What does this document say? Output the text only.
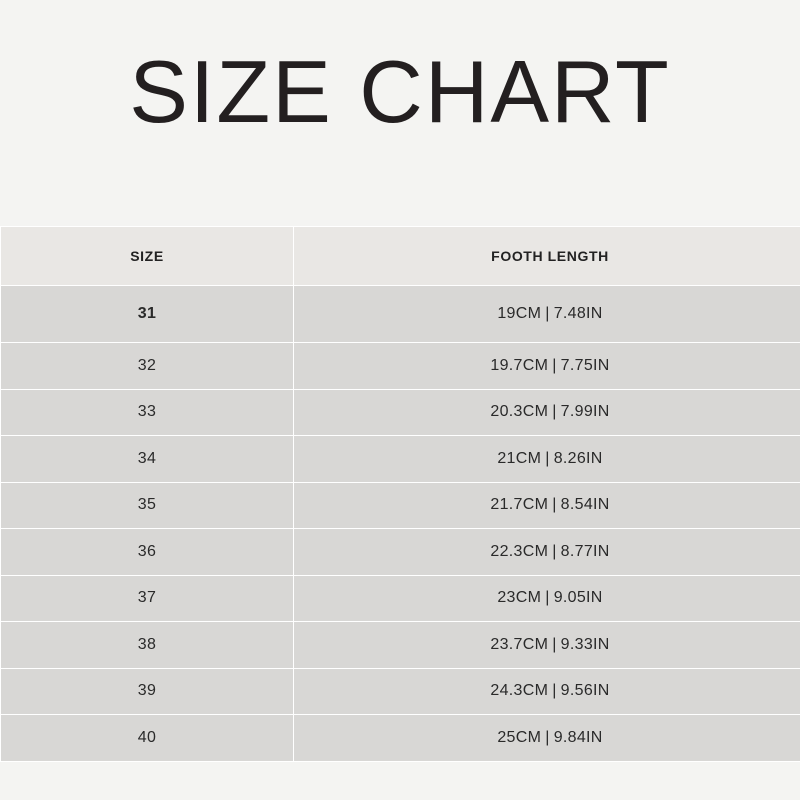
SIZE CHART
SIZE	FOOTH LENGTH
31	19CM | 7.48IN
32	19.7CM | 7.75IN
33	20.3CM | 7.99IN
34	21CM | 8.26IN
35	21.7CM | 8.54IN
36	22.3CM | 8.77IN
37	23CM | 9.05IN
38	23.7CM | 9.33IN
39	24.3CM | 9.56IN
40	25CM | 9.84IN
